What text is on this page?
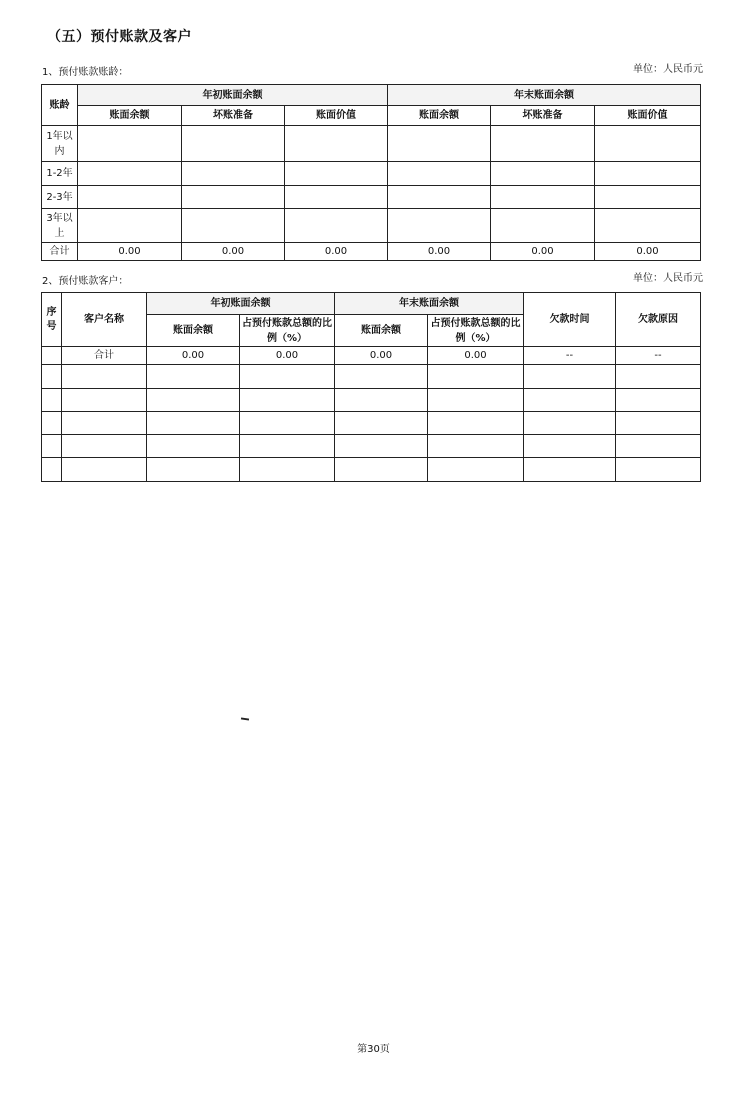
（五）预付账款及客户
1、预付账款账龄：	单位：人民币元
账龄	年初账面余额			年末账面余额		
	账面余额	坏账准备	账面价值	账面余额	坏账准备	账面价值
1年以内						
1-2年						
2-3年						
3年以上						
合计	0.00	0.00	0.00	0.00	0.00	0.00
2、预付账款客户：	单位：人民币元
序号	客户名称	年初账面余额		年末账面余额		欠款时间	欠款原因
		账面余额	占预付账款总额的比例（%）	账面余额	占预付账款总额的比例（%）		
	合计	0.00	0.00	0.00	0.00	--	--

第30页
